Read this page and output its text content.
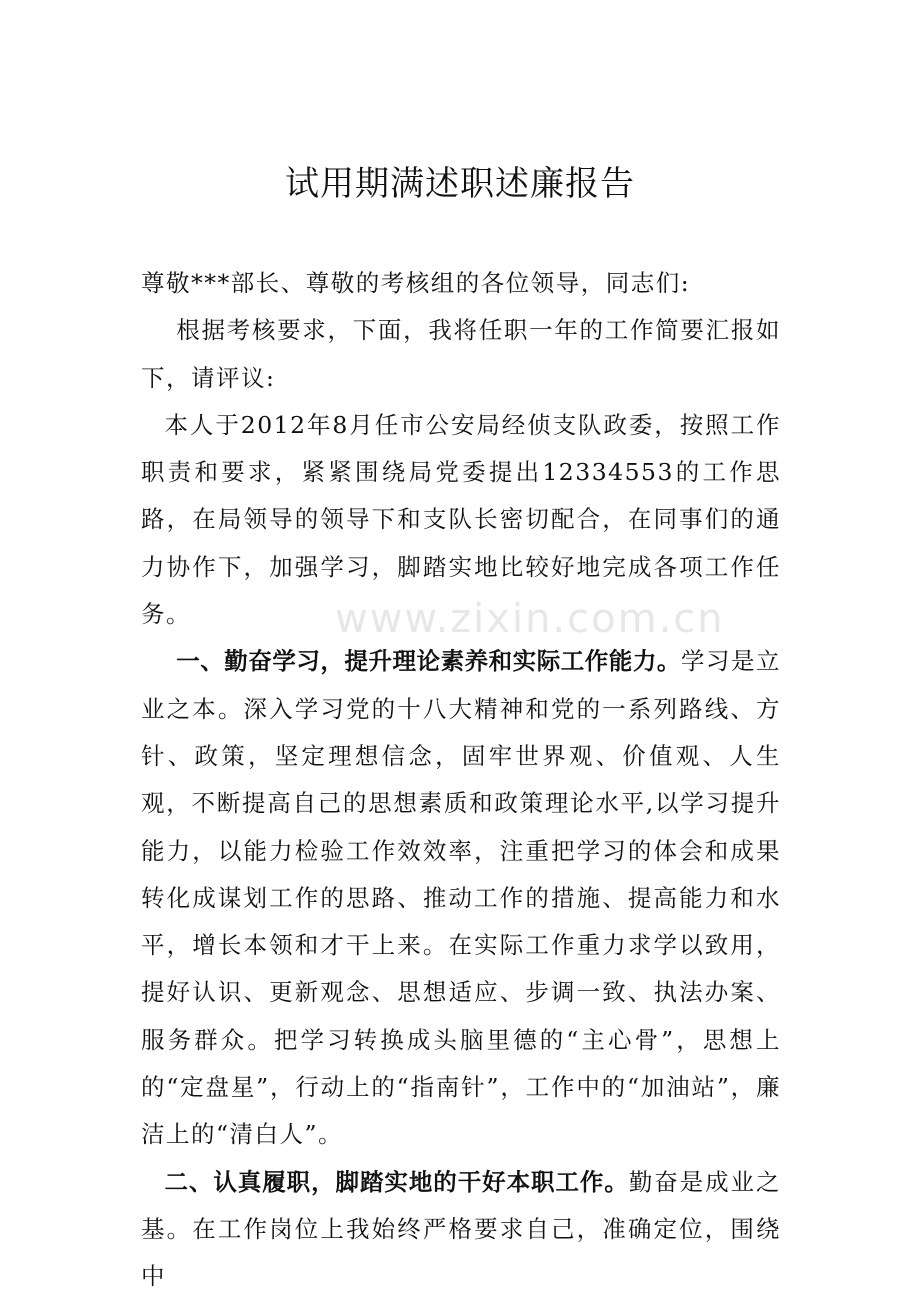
试用期满述职述廉报告

尊敬***部长、尊敬的考核组的各位领导，同志们:

根据考核要求，下面，我将任职一年的工作简要汇报如下，请评议:

本人于2012年8月任市公安局经侦支队政委，按照工作职责和要求，紧紧围绕局党委提出12334553的工作思路，在局领导的领导下和支队长密切配合，在同事们的通力协作下，加强学习，脚踏实地比较好地完成各项工作任务。

一、勤奋学习，提升理论素养和实际工作能力。学习是立业之本。深入学习党的十八大精神和党的一系列路线、方针、政策，坚定理想信念，固牢世界观、价值观、人生观，不断提高自己的思想素质和政策理论水平,以学习提升能力，以能力检验工作效效率，注重把学习的体会和成果转化成谋划工作的思路、推动工作的措施、提高能力和水平，增长本领和才干上来。在实际工作重力求学以致用，提好认识、更新观念、思想适应、步调一致、执法办案、服务群众。把学习转换成头脑里德的“主心骨”，思想上的“定盘星”，行动上的“指南针”，工作中的“加油站”，廉洁上的“清白人”。

二、认真履职，脚踏实地的干好本职工作。勤奋是成业之基。在工作岗位上我始终严格要求自己，准确定位，围绕中

www.zixin.com.cn
